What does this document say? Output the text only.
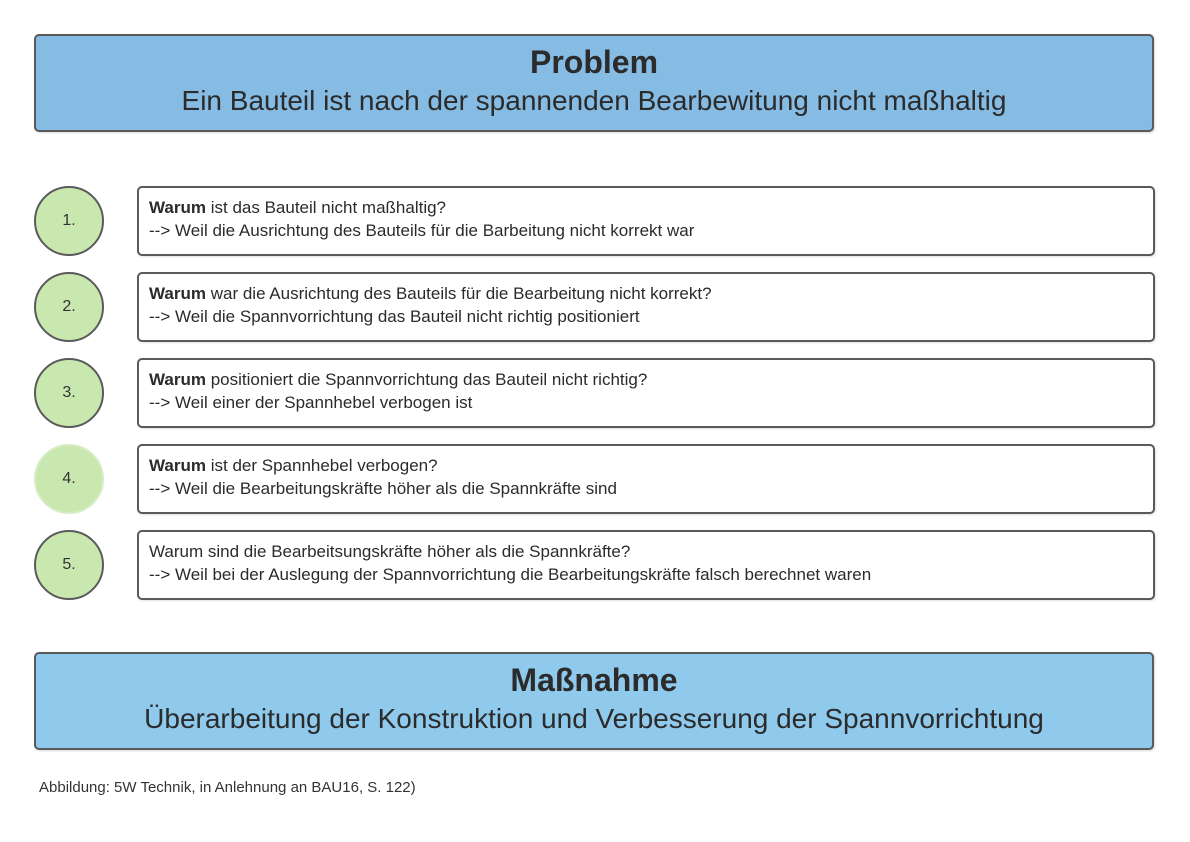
Problem
Ein Bauteil ist nach der spannenden Bearbewitung nicht maßhaltig
1.
Warum ist das Bauteil nicht maßhaltig?
--> Weil die Ausrichtung des Bauteils für die Barbeitung nicht korrekt war
2.
Warum war die Ausrichtung des Bauteils für die Bearbeitung nicht korrekt?
--> Weil die Spannvorrichtung das Bauteil nicht richtig positioniert
3.
Warum positioniert die Spannvorrichtung das Bauteil nicht richtig?
--> Weil einer der Spannhebel verbogen ist
4.
Warum ist der Spannhebel verbogen?
--> Weil die Bearbeitungskräfte höher als die Spannkräfte sind
5.
Warum sind die Bearbeitsungskräfte höher als die Spannkräfte?
--> Weil bei der Auslegung der Spannvorrichtung die Bearbeitungskräfte falsch berechnet waren
Maßnahme
Überarbeitung der Konstruktion und Verbesserung der Spannvorrichtung
Abbildung: 5W Technik, in Anlehnung an BAU16, S. 122)
